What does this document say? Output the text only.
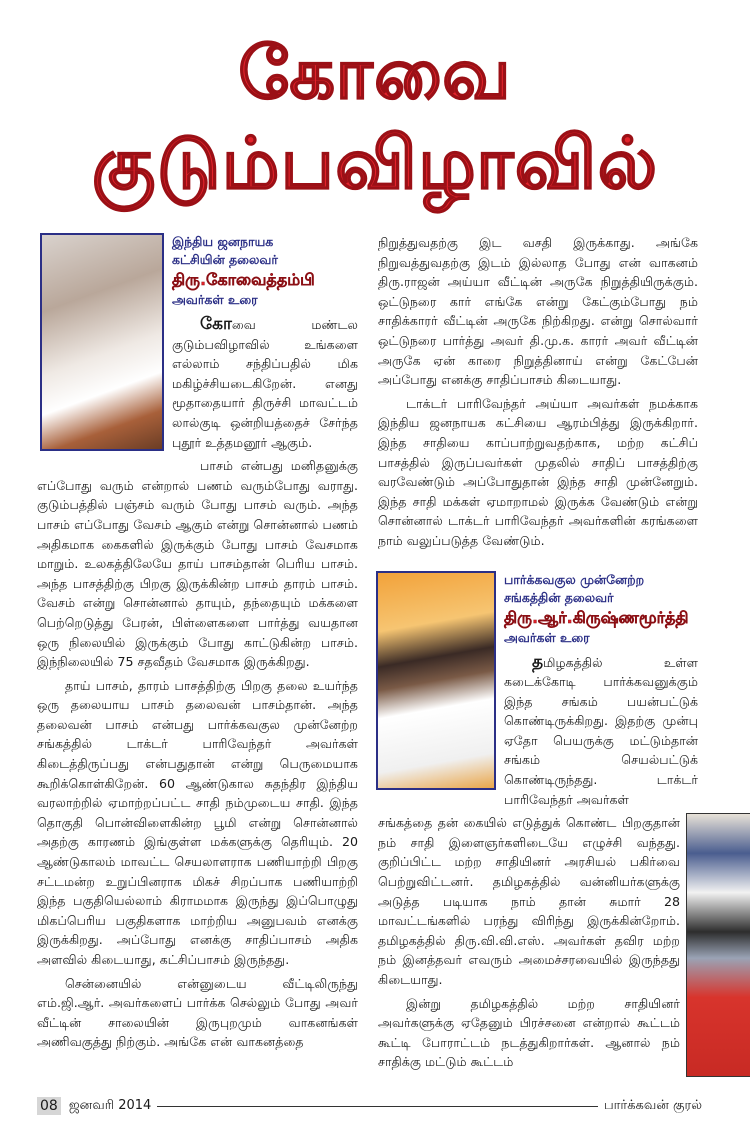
கோவை குடும்பவிழாவில்
இந்திய ஜனநாயக
கட்சியின் தலைவர்
திரு.கோவைத்தம்பி
அவர்கள் உரை

கோவை மண்டல குடும்பவிழாவில் உங்களை எல்லாம் சந்திப்பதில் மிக மகிழ்ச்சியடைகிறேன். எனது மூதாதையார் திருச்சி மாவட்டம் லால்குடி ஒன்றியத்தைச் சேர்ந்த புதூர் உத்தமனூர் ஆகும்.

பாசம் என்பது மனிதனுக்கு எப்போது வரும் என்றால் பணம் வரும்போது வராது. குடும்பத்தில் பஞ்சம் வரும் போது பாசம் வரும். அந்த பாசம் எப்போது வேசம் ஆகும் என்று சொன்னால் பணம் அதிகமாக கைகளில் இருக்கும் போது பாசம் வேசமாக மாறும். உலகத்திலேயே தாய் பாசம்தான் பெரிய பாசம். அந்த பாசத்திற்கு பிறகு இருக்கின்ற பாசம் தாரம் பாசம். வேசம் என்று சொன்னால் தாயும், தந்தையும் மக்களை பெற்றெடுத்து பேரன், பிள்ளைகளை பார்த்து வயதான ஒரு நிலையில் இருக்கும் போது காட்டுகின்ற பாசம். இந்நிலையில் 75 சதவீதம் வேசமாக இருக்கிறது.

தாய் பாசம், தாரம் பாசத்திற்கு பிறகு தலை உயர்ந்த ஒரு தலையாய பாசம் தலைவன் பாசம்தான். அந்த தலைவன் பாசம் என்பது பார்க்கவகுல முன்னேற்ற சங்கத்தில் டாக்டர் பாரிவேந்தர் அவர்கள் கிடைத்திருப்பது என்பதுதான் என்று பெருமையாக கூறிக்கொள்கிறேன். 60 ஆண்டுகால சுதந்திர இந்திய வரலாற்றில் ஏமாற்றப்பட்ட சாதி நம்முடைய சாதி. இந்த தொகுதி பொன்விளைகின்ற பூமி என்று சொன்னால் அதற்கு காரணம் இங்குள்ள மக்களுக்கு தெரியும். 20 ஆண்டுகாலம் மாவட்ட செயலாளராக பணியாற்றி பிறகு சட்டமன்ற உறுப்பினராக மிகச் சிறப்பாக பணியாற்றி இந்த பகுதியெல்லாம் கிராமமாக இருந்து இப்பொழுது மிகப்பெரிய பகுதிகளாக மாற்றிய அனுபவம் எனக்கு இருக்கிறது. அப்போது எனக்கு சாதிப்பாசம் அதிக அளவில் கிடையாது, கட்சிப்பாசம் இருந்தது.

சென்னையில் என்னுடைய வீட்டிலிருந்து எம்.ஜி.ஆர். அவர்களைப் பார்க்க செல்லும் போது அவர் வீட்டின் சாலையின் இருபுறமும் வாகனங்கள் அணிவகுத்து நிற்கும். அங்கே என் வாகனத்தை

நிறுத்துவதற்கு இட வசதி இருக்காது. அங்கே நிறுவத்துவதற்கு இடம் இல்லாத போது என் வாகனம் திரு.ராஜன் அய்யா வீட்டின் அருகே நிறுத்தியிருக்கும். ஒட்டுநரை கார் எங்கே என்று கேட்கும்போது நம் சாதிக்காரர் வீட்டின் அருகே நிற்கிறது. என்று சொல்வார் ஒட்டுநரை பார்த்து அவர் தி.மு.க. காரர் அவர் வீட்டின் அருகே ஏன் காரை நிறுத்தினாய் என்று கேட்பேன் அப்போது எனக்கு சாதிப்பாசம் கிடையாது.

டாக்டர் பாரிவேந்தர் அய்யா அவர்கள் நமக்காக இந்திய ஜனநாயக கட்சியை ஆரம்பித்து இருக்கிறார். இந்த சாதியை காப்பாற்றுவதற்காக, மற்ற கட்சிப் பாசத்தில் இருப்பவர்கள் முதலில் சாதிப் பாசத்திற்கு வரவேண்டும் அப்போதுதான் இந்த சாதி முன்னேறும். இந்த சாதி மக்கள் ஏமாறாமல் இருக்க வேண்டும் என்று சொன்னால் டாக்டர் பாரிவேந்தர் அவர்களின் கரங்களை நாம் வலுப்படுத்த வேண்டும்.

பார்க்கவகுல முன்னேற்ற
சங்கத்தின் தலைவர்
திரு.ஆர்.கிருஷ்ணமூர்த்தி
அவர்கள் உரை

தமிழகத்தில் உள்ள கடைக்கோடி பார்க்கவனுக்கும் இந்த சங்கம் பயன்பட்டுக் கொண்டிருக்கிறது. இதற்கு முன்பு ஏதோ பெயருக்கு மட்டும்தான் சங்கம் செயல்பட்டுக் கொண்டிருந்தது. டாக்டர் பாரிவேந்தர் அவர்கள்

சங்கத்தை தன் கையில் எடுத்துக் கொண்ட பிறகுதான் நம் சாதி இளைஞர்களிடையே எழுச்சி வந்தது. குறிப்பிட்ட மற்ற சாதியினர் அரசியல் பகிர்வை பெற்றுவிட்டனர். தமிழகத்தில் வன்னியர்களுக்கு அடுத்த படியாக நாம் தான் சுமார் 28 மாவட்டங்களில் பரந்து விரிந்து இருக்கின்றோம். தமிழகத்தில் திரு.வி.வி.எஸ். அவர்கள் தவிர மற்ற நம் இனத்தவர் எவரும் அமைச்சரவையில் இருந்தது கிடையாது.

இன்று தமிழகத்தில் மற்ற சாதியினர் அவர்களுக்கு ஏதேனும் பிரச்சனை என்றால் கூட்டம் கூட்டி போராட்டம் நடத்துகிறார்கள். ஆனால் நம் சாதிக்கு மட்டும் கூட்டம்

08 ஜனவரி 2014	பார்க்கவன் குரல்
